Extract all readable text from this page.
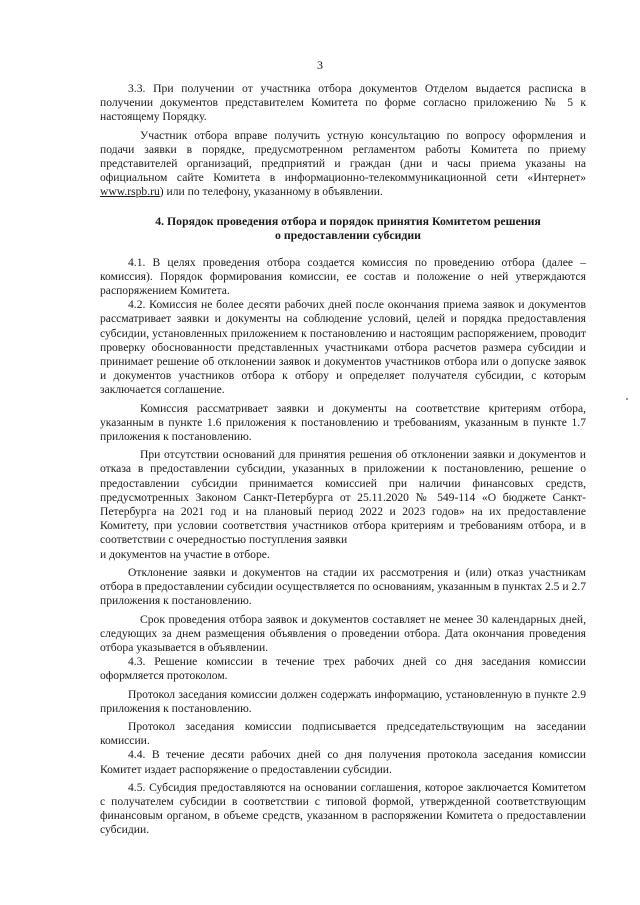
3

3.3. При получении от участника отбора документов Отделом выдается расписка в получении документов представителем Комитета по форме согласно приложению № 5 к настоящему Порядку.

Участник отбора вправе получить устную консультацию по вопросу оформления и подачи заявки в порядке, предусмотренном регламентом работы Комитета по приему представителей организаций, предприятий и граждан (дни и часы приема указаны на официальном сайте Комитета в информационно-телекоммуникационной сети «Интернет» www.rspb.ru) или по телефону, указанному в объявлении.

4. Порядок проведения отбора и порядок принятия Комитетом решения
о предоставлении субсидии

4.1. В целях проведения отбора создается комиссия по проведению отбора (далее – комиссия). Порядок формирования комиссии, ее состав и положение о ней утверждаются распоряжением Комитета.

4.2. Комиссия не более десяти рабочих дней после окончания приема заявок и документов рассматривает заявки и документы на соблюдение условий, целей и порядка предоставления субсидии, установленных приложением к постановлению и настоящим распоряжением, проводит проверку обоснованности представленных участниками отбора расчетов размера субсидии и принимает решение об отклонении заявок и документов участников отбора или о допуске заявок и документов участников отбора к отбору и определяет получателя субсидии, с которым заключается соглашение.

Комиссия рассматривает заявки и документы на соответствие критериям отбора, указанным в пункте 1.6 приложения к постановлению и требованиям, указанным в пункте 1.7 приложения к постановлению.

При отсутствии оснований для принятия решения об отклонении заявки и документов и отказа в предоставлении субсидии, указанных в приложении к постановлению, решение о предоставлении субсидии принимается комиссией при наличии финансовых средств, предусмотренных Законом Санкт-Петербурга от 25.11.2020 № 549-114 «О бюджете Санкт-Петербурга на 2021 год и на плановый период 2022 и 2023 годов» на их предоставление Комитету, при условии соответствия участников отбора критериям и требованиям отбора, и в соответствии с очередностью поступления заявки

и документов на участие в отборе.

Отклонение заявки и документов на стадии их рассмотрения и (или) отказ участникам отбора в предоставлении субсидии осуществляется по основаниям, указанным в пунктах 2.5 и 2.7 приложения к постановлению.

Срок проведения отбора заявок и документов составляет не менее 30 календарных дней, следующих за днем размещения объявления о проведении отбора. Дата окончания проведения отбора указывается в объявлении.

4.3. Решение комиссии в течение трех рабочих дней со дня заседания комиссии оформляется протоколом.

Протокол заседания комиссии должен содержать информацию, установленную в пункте 2.9 приложения к постановлению.

Протокол заседания комиссии подписывается председательствующим на заседании комиссии.

4.4. В течение десяти рабочих дней со дня получения протокола заседания комиссии Комитет издает распоряжение о предоставлении субсидии.

4.5. Субсидия предоставляются на основании соглашения, которое заключается Комитетом с получателем субсидии в соответствии с типовой формой, утвержденной соответствующим финансовым органом, в объеме средств, указанном в распоряжении Комитета о предоставлении субсидии.
